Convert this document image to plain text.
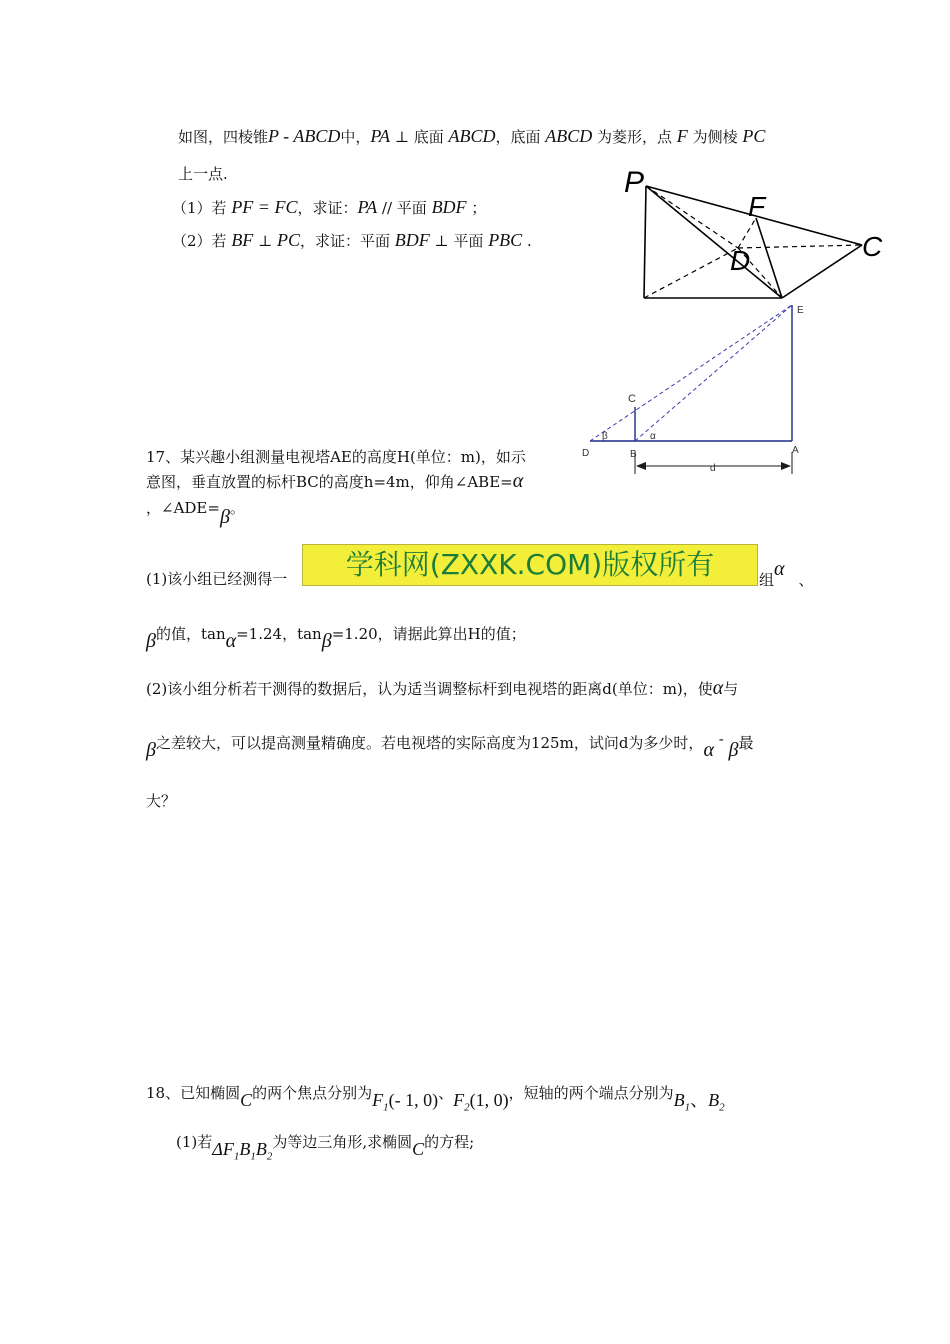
如图，四棱锥P - ABCD中，PA ⊥ 底面 ABCD，底面 ABCD 为菱形，点 F 为侧棱 PC
上一点.
（1）若 PF = FC，求证：PA // 平面 BDF ；
（2）若 BF ⊥ PC，求证：平面 BDF ⊥ 平面 PBC .
P
F
D	C
E
C
D	B	A
α
β
d
17、某兴趣小组测量电视塔AE的高度H(单位：m)，如示
意图，垂直放置的标杆BC的高度h=4m，仰角∠ABE=α
，∠ADE=β。
(1)该小组已经测得一	学科网(ZXXK.COM)版权所有	组α 、
β的值，tanα=1.24，tanβ=1.20，请据此算出H的值；
(2)该小组分析若干测得的数据后，认为适当调整标杆到电视塔的距离d(单位：m)，使α与
β之差较大，可以提高测量精确度。若电视塔的实际高度为125m，试问d为多少时，α - β最
大？
18、已知椭圆C的两个焦点分别为$F_1(-$ 1, 0)、$F_2(1$, 0)，短轴的两个端点分别为$B_1$、$B_2$
(1)若$\Delta F_1B_1B_2$为等边三角形,求椭圆C的方程;
